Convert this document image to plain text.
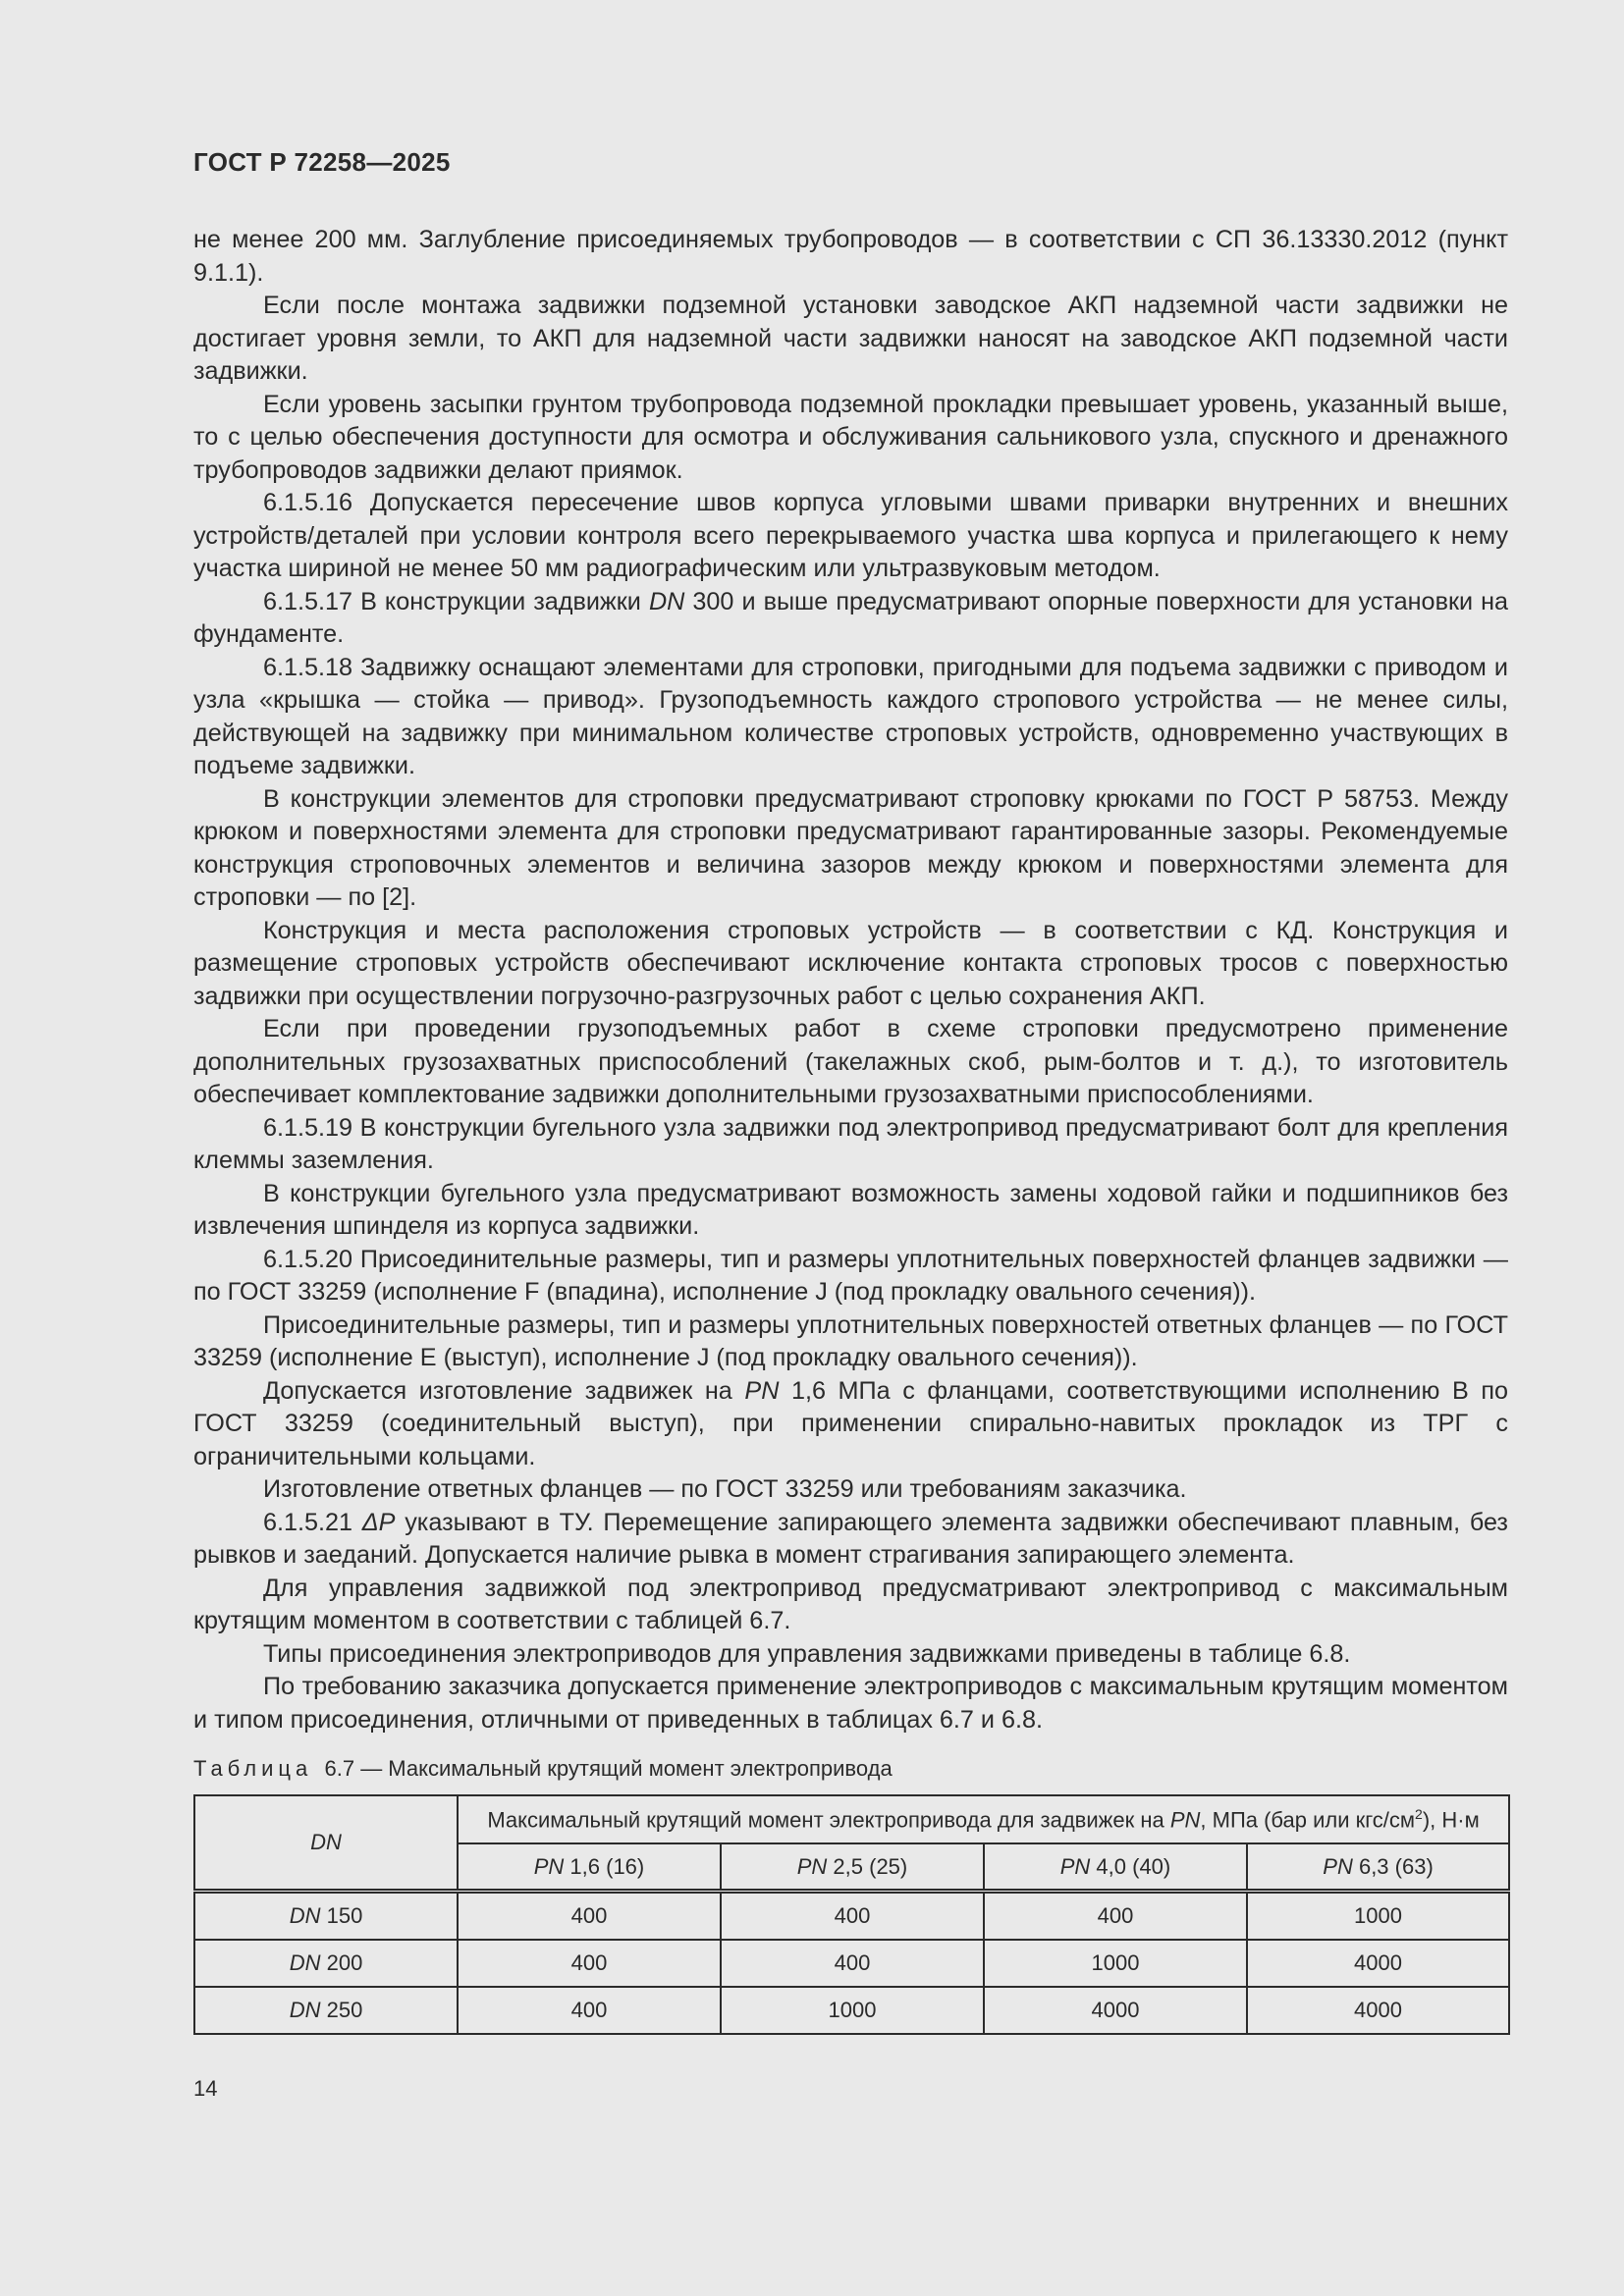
ГОСТ Р 72258—2025

не менее 200 мм. Заглубление присоединяемых трубопроводов — в соответствии с СП 36.13330.2012 (пункт 9.1.1).

Если после монтажа задвижки подземной установки заводское АКП надземной части задвижки не достигает уровня земли, то АКП для надземной части задвижки наносят на заводское АКП подземной части задвижки.

Если уровень засыпки грунтом трубопровода подземной прокладки превышает уровень, указанный выше, то с целью обеспечения доступности для осмотра и обслуживания сальникового узла, спускного и дренажного трубопроводов задвижки делают приямок.

6.1.5.16 Допускается пересечение швов корпуса угловыми швами приварки внутренних и внешних устройств/деталей при условии контроля всего перекрываемого участка шва корпуса и прилегающего к нему участка шириной не менее 50 мм радиографическим или ультразвуковым методом.

6.1.5.17 В конструкции задвижки DN 300 и выше предусматривают опорные поверхности для установки на фундаменте.

6.1.5.18 Задвижку оснащают элементами для строповки, пригодными для подъема задвижки с приводом и узла «крышка — стойка — привод». Грузоподъемность каждого стропового устройства — не менее силы, действующей на задвижку при минимальном количестве строповых устройств, одновременно участвующих в подъеме задвижки.

В конструкции элементов для строповки предусматривают строповку крюками по ГОСТ Р 58753. Между крюком и поверхностями элемента для строповки предусматривают гарантированные зазоры. Рекомендуемые конструкция строповочных элементов и величина зазоров между крюком и поверхностями элемента для строповки — по [2].

Конструкция и места расположения строповых устройств — в соответствии с КД. Конструкция и размещение строповых устройств обеспечивают исключение контакта строповых тросов с поверхностью задвижки при осуществлении погрузочно-разгрузочных работ с целью сохранения АКП.

Если при проведении грузоподъемных работ в схеме строповки предусмотрено применение дополнительных грузозахватных приспособлений (такелажных скоб, рым-болтов и т. д.), то изготовитель обеспечивает комплектование задвижки дополнительными грузозахватными приспособлениями.

6.1.5.19 В конструкции бугельного узла задвижки под электропривод предусматривают болт для крепления клеммы заземления.

В конструкции бугельного узла предусматривают возможность замены ходовой гайки и подшипников без извлечения шпинделя из корпуса задвижки.

6.1.5.20 Присоединительные размеры, тип и размеры уплотнительных поверхностей фланцев задвижки — по ГОСТ 33259 (исполнение F (впадина), исполнение J (под прокладку овального сечения)).

Присоединительные размеры, тип и размеры уплотнительных поверхностей ответных фланцев — по ГОСТ 33259 (исполнение E (выступ), исполнение J (под прокладку овального сечения)).

Допускается изготовление задвижек на PN 1,6 МПа с фланцами, соответствующими исполнению B по ГОСТ 33259 (соединительный выступ), при применении спирально-навитых прокладок из ТРГ с ограничительными кольцами.

Изготовление ответных фланцев — по ГОСТ 33259 или требованиям заказчика.

6.1.5.21 ΔP указывают в ТУ. Перемещение запирающего элемента задвижки обеспечивают плавным, без рывков и заеданий. Допускается наличие рывка в момент страгивания запирающего элемента.

Для управления задвижкой под электропривод предусматривают электропривод с максимальным крутящим моментом в соответствии с таблицей 6.7.

Типы присоединения электроприводов для управления задвижками приведены в таблице 6.8.

По требованию заказчика допускается применение электроприводов с максимальным крутящим моментом и типом присоединения, отличными от приведенных в таблицах 6.7 и 6.8.

Таблица 6.7 — Максимальный крутящий момент электропривода
DN	Максимальный крутящий момент электропривода для задвижек на PN, МПа (бар или кгс/$см^2$), Н·м			
	PN 1,6 (16)	PN 2,5 (25)	PN 4,0 (40)	PN 6,3 (63)
DN 150	400	400	400	1000
DN 200	400	400	1000	4000
DN 250	400	1000	4000	4000
14
